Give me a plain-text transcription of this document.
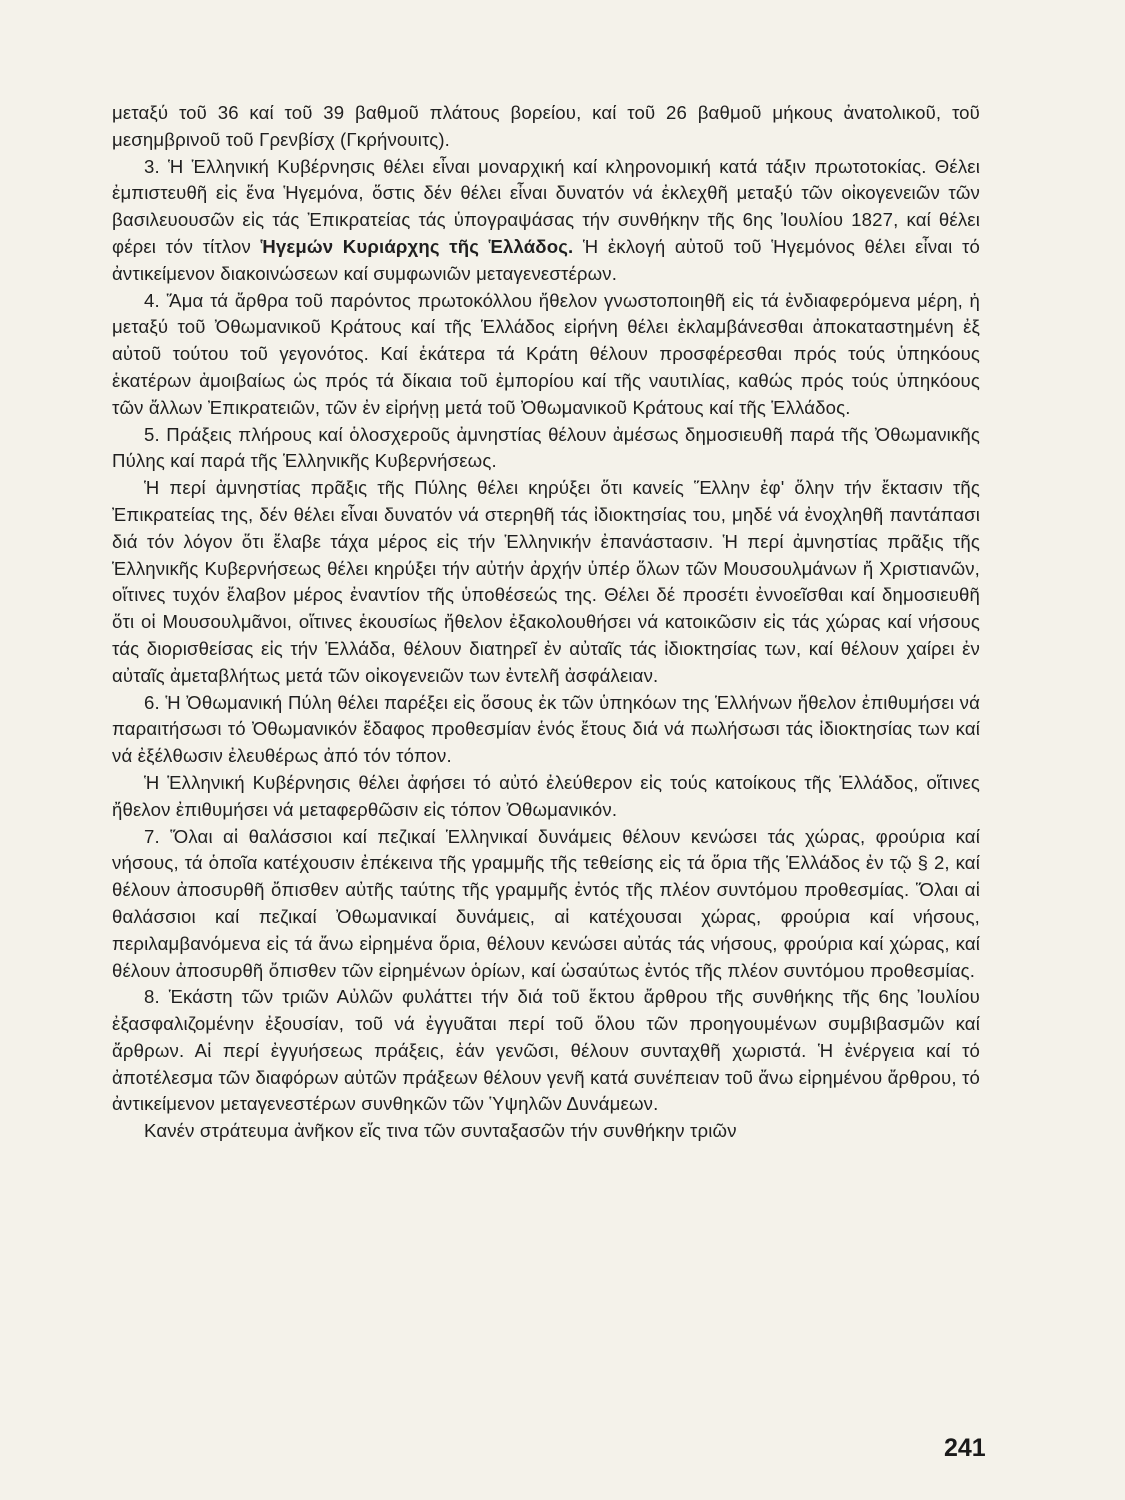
μεταξύ τοῦ 36 καί τοῦ 39 βαθμοῦ πλάτους βορείου, καί τοῦ 26 βαθμοῦ μήκους ἀνατολικοῦ, τοῦ μεσημβρινοῦ τοῦ Γρενβίσχ (Γκρήνουιτς).

3. Ἡ Ἑλληνική Κυβέρνησις θέλει εἶναι μοναρχική καί κληρονομική κατά τάξιν πρωτοτοκίας. Θέλει ἐμπιστευθῆ εἰς ἕνα Ἡγεμόνα, ὅστις δέν θέλει εἶναι δυνατόν νά ἐκλεχθῆ μεταξύ τῶν οἰκογενειῶν τῶν βασιλευουσῶν εἰς τάς Ἐπικρατείας τάς ὑπογραψάσας τήν συνθήκην τῆς 6ης Ἰουλίου 1827, καί θέλει φέρει τόν τίτλον Ἡγεμών Κυριάρχης τῆς Ἑλλάδος. Ἡ ἐκλογή αὐτοῦ τοῦ Ἡγεμόνος θέλει εἶναι τό ἀντικείμενον διακοινώσεων καί συμφωνιῶν μεταγενεστέρων.

4. Ἅμα τά ἄρθρα τοῦ παρόντος πρωτοκόλλου ἤθελον γνωστοποιηθῆ εἰς τά ἐνδιαφερόμενα μέρη, ἡ μεταξύ τοῦ Ὀθωμανικοῦ Κράτους καί τῆς Ἑλλάδος εἰρήνη θέλει ἐκλαμβάνεσθαι ἀποκαταστημένη ἐξ αὐτοῦ τούτου τοῦ γεγονότος. Καί ἑκάτερα τά Κράτη θέλουν προσφέρεσθαι πρός τούς ὑπηκόους ἑκατέρων ἀμοιβαίως ὡς πρός τά δίκαια τοῦ ἐμπορίου καί τῆς ναυτιλίας, καθώς πρός τούς ὑπηκόους τῶν ἄλλων Ἐπικρατειῶν, τῶν ἐν εἰρήνῃ μετά τοῦ Ὀθωμανικοῦ Κράτους καί τῆς Ἑλλάδος.

5. Πράξεις πλήρους καί ὁλοσχεροῦς ἀμνηστίας θέλουν ἀμέσως δημοσιευθῆ παρά τῆς Ὀθωμανικῆς Πύλης καί παρά τῆς Ἑλληνικῆς Κυβερνήσεως.

Ἡ περί ἀμνηστίας πρᾶξις τῆς Πύλης θέλει κηρύξει ὅτι κανείς Ἕλλην ἐφ' ὅλην τήν ἔκτασιν τῆς Ἐπικρατείας της, δέν θέλει εἶναι δυνατόν νά στερηθῆ τάς ἰδιοκτησίας του, μηδέ νά ἐνοχληθῆ παντάπασι διά τόν λόγον ὅτι ἔλαβε τάχα μέρος εἰς τήν Ἑλληνικήν ἐπανάστασιν. Ἡ περί ἀμνηστίας πρᾶξις τῆς Ἑλληνικῆς Κυβερνήσεως θέλει κηρύξει τήν αὐτήν ἀρχήν ὑπέρ ὅλων τῶν Μουσουλμάνων ἤ Χριστιανῶν, οἵτινες τυχόν ἔλαβον μέρος ἐναντίον τῆς ὑποθέσεώς της. Θέλει δέ προσέτι ἐννοεῖσθαι καί δημοσιευθῆ ὅτι οἱ Μουσουλμᾶνοι, οἵτινες ἑκουσίως ἤθελον ἐξακολουθήσει νά κατοικῶσιν εἰς τάς χώρας καί νήσους τάς διορισθείσας εἰς τήν Ἑλλάδα, θέλουν διατηρεῖ ἐν αὐταῖς τάς ἰδιοκτησίας των, καί θέλουν χαίρει ἐν αὐταῖς ἀμεταβλήτως μετά τῶν οἰκογενειῶν των ἐντελῆ ἀσφάλειαν.

6. Ἡ Ὀθωμανική Πύλη θέλει παρέξει εἰς ὅσους ἐκ τῶν ὑπηκόων της Ἑλλήνων ἤθελον ἐπιθυμήσει νά παραιτήσωσι τό Ὀθωμανικόν ἔδαφος προθεσμίαν ἑνός ἔτους διά νά πωλήσωσι τάς ἰδιοκτησίας των καί νά ἐξέλθωσιν ἐλευθέρως ἀπό τόν τόπον.

Ἡ Ἑλληνική Κυβέρνησις θέλει ἀφήσει τό αὐτό ἐλεύθερον εἰς τούς κατοίκους τῆς Ἑλλάδος, οἵτινες ἤθελον ἐπιθυμήσει νά μεταφερθῶσιν εἰς τόπον Ὀθωμανικόν.

7. Ὅλαι αἱ θαλάσσιοι καί πεζικαί Ἑλληνικαί δυνάμεις θέλουν κενώσει τάς χώρας, φρούρια καί νήσους, τά ὁποῖα κατέχουσιν ἐπέκεινα τῆς γραμμῆς τῆς τεθείσης εἰς τά ὅρια τῆς Ἑλλάδος ἐν τῷ § 2, καί θέλουν ἀποσυρθῆ ὄπισθεν αὐτῆς ταύτης τῆς γραμμῆς ἐντός τῆς πλέον συντόμου προθεσμίας. Ὅλαι αἱ θαλάσσιοι καί πεζικαί Ὀθωμανικαί δυνάμεις, αἱ κατέχουσαι χώρας, φρούρια καί νήσους, περιλαμβανόμενα εἰς τά ἄνω εἰρημένα ὅρια, θέλουν κενώσει αὐτάς τάς νήσους, φρούρια καί χώρας, καί θέλουν ἀποσυρθῆ ὄπισθεν τῶν εἰρημένων ὁρίων, καί ὡσαύτως ἐντός τῆς πλέον συντόμου προθεσμίας.

8. Ἑκάστη τῶν τριῶν Αὐλῶν φυλάττει τήν διά τοῦ ἕκτου ἄρθρου τῆς συνθήκης τῆς 6ης Ἰουλίου ἐξασφαλιζομένην ἐξουσίαν, τοῦ νά ἐγγυᾶται περί τοῦ ὅλου τῶν προηγουμένων συμβιβασμῶν καί ἄρθρων. Αἱ περί ἐγγυήσεως πράξεις, ἐάν γενῶσι, θέλουν συνταχθῆ χωριστά. Ἡ ἐνέργεια καί τό ἀποτέλεσμα τῶν διαφόρων αὐτῶν πράξεων θέλουν γενῆ κατά συνέπειαν τοῦ ἄνω εἰρημένου ἄρθρου, τό ἀντικείμενον μεταγενεστέρων συνθηκῶν τῶν Ὑψηλῶν Δυνάμεων.

Κανέν στράτευμα ἀνῆκον εἴς τινα τῶν συνταξασῶν τήν συνθήκην τριῶν

241
